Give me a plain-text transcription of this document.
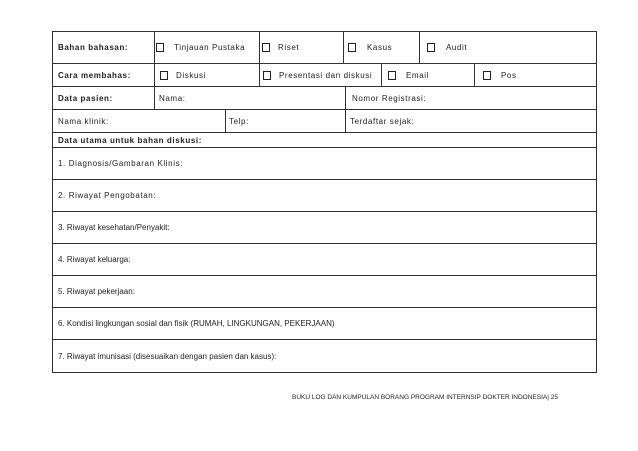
Bahan bahasan:	Tinjauan Pustaka	Riset	Kasus	Audit
Cara membahas:	Diskusi	Presentasi dan diskusi	Email	Pos
Data pasien:	Nama:	Nomor Registrasi:
Nama klinik:	Telp:	Terdaftar sejak:
Data utama untuk bahan diskusi:
1. Diagnosis/Gambaran Klinis:
2. Riwayat Pengobatan:
3. Riwayat kesehatan/Penyakit:
4. Riwayat keluarga:
5. Riwayat pekerjaan:
6. Kondisi lingkungan sosial dan fisik (RUMAH, LINGKUNGAN, PEKERJAAN)
7. Riwayat imunisasi (disesuaikan dengan pasien dan kasus):
BUKU LOG DAN KUMPULAN BORANG PROGRAM INTERNSIP DOKTER INDONESIA| 25
